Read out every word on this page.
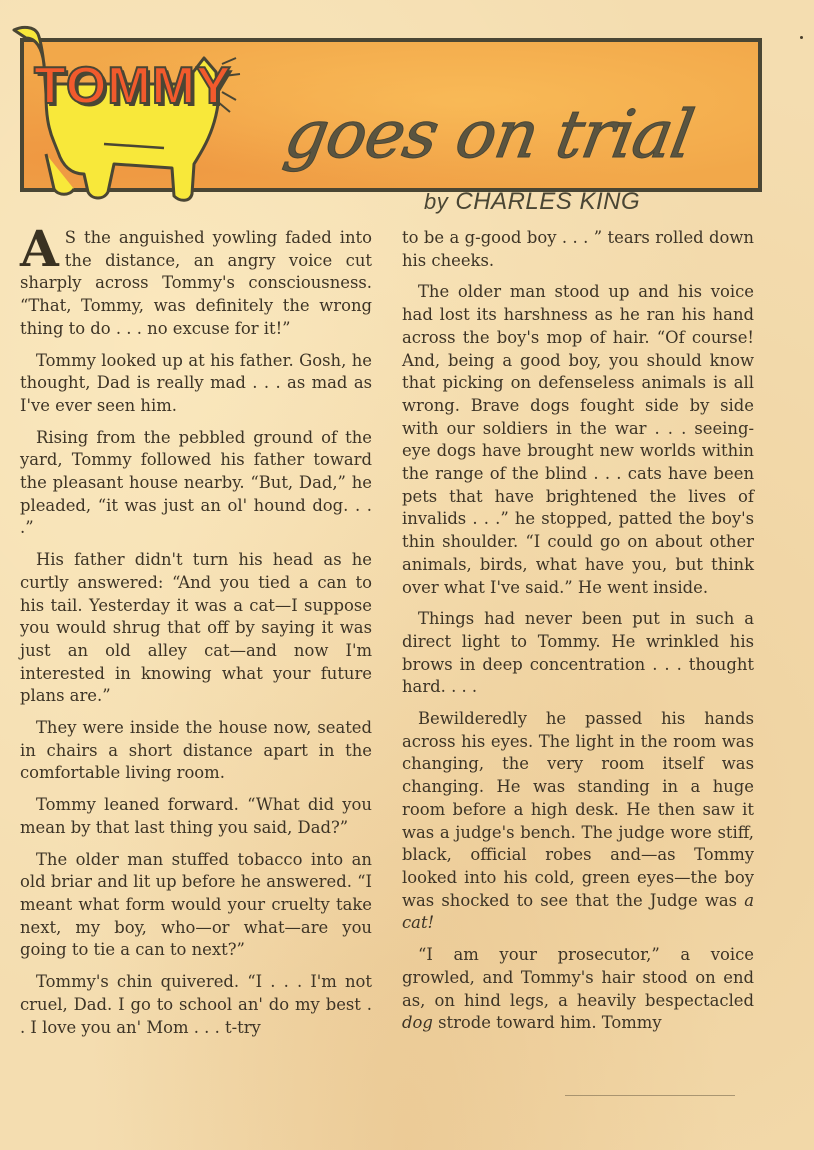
goes on trial
by CHARLES KING
TOMMY

A S the anguished yowling faded into the distance, an angry voice cut sharply across Tommy's consciousness. “That, Tommy, was definitely the wrong thing to do . . . no excuse for it!”

Tommy looked up at his father. Gosh, he thought, Dad is really mad . . . as mad as I've ever seen him.

Rising from the pebbled ground of the yard, Tommy followed his father toward the pleasant house nearby. “But, Dad,” he pleaded, “it was just an ol' hound dog. . . .”

His father didn't turn his head as he curtly answered: “And you tied a can to his tail. Yesterday it was a cat—I suppose you would shrug that off by saying it was just an old alley cat—and now I'm interested in knowing what your future plans are.”

They were inside the house now, seated in chairs a short distance apart in the comfortable living room.

Tommy leaned forward. “What did you mean by that last thing you said, Dad?”

The older man stuffed tobacco into an old briar and lit up before he answered. “I meant what form would your cruelty take next, my boy, who—or what—are you going to tie a can to next?”

Tommy's chin quivered. “I . . . I'm not cruel, Dad. I go to school an' do my best . . I love you an' Mom . . . t-try

to be a g-good boy . . . ” tears rolled down his cheeks.

The older man stood up and his voice had lost its harshness as he ran his hand across the boy's mop of hair. “Of course! And, being a good boy, you should know that picking on defenseless animals is all wrong. Brave dogs fought side by side with our soldiers in the war . . . seeing-eye dogs have brought new worlds within the range of the blind . . . cats have been pets that have brightened the lives of invalids . . .” he stopped, patted the boy's thin shoulder. “I could go on about other animals, birds, what have you, but think over what I've said.” He went inside.

Things had never been put in such a direct light to Tommy. He wrinkled his brows in deep concentration . . . thought hard. . . .

Bewilderedly he passed his hands across his eyes. The light in the room was changing, the very room itself was changing. He was standing in a huge room before a high desk. He then saw it was a judge's bench. The judge wore stiff, black, official robes and—as Tommy looked into his cold, green eyes—the boy was shocked to see that the Judge was a cat!

“I am your prosecutor,” a voice growled, and Tommy's hair stood on end as, on hind legs, a heavily bespectacled dog strode toward him. Tommy
